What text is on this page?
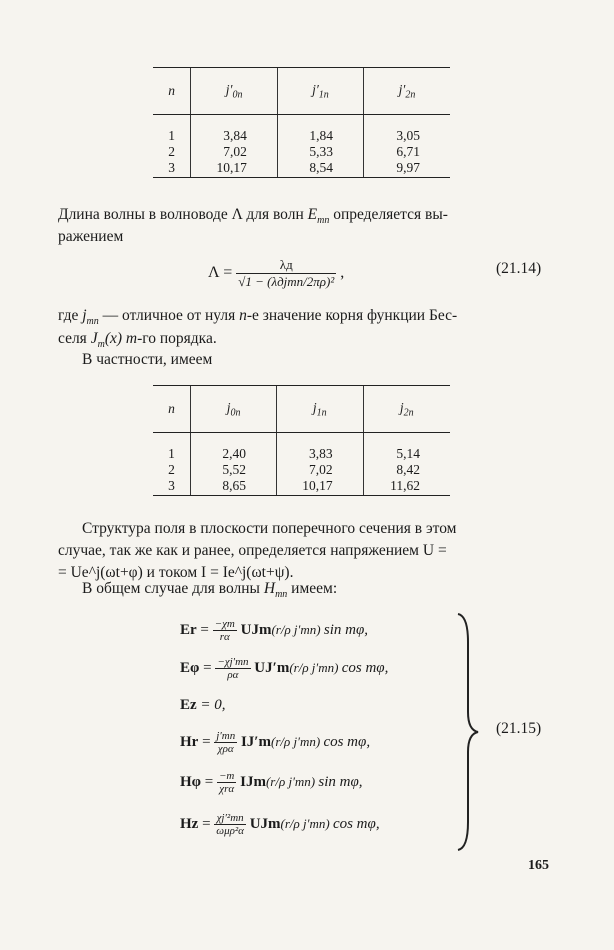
n	$j'_{0n}$	$j'_{1n}$	$j'_{2n}$
1	3,84	1,84	3,05
2	7,02	5,33	6,71
3	10,17	8,54	9,97
Длина волны в волноводе Λ для волн $E_{mn}$ определяется вы-
ражением
$\Lambda = \frac{\lambda д}{\text{√1 − (λдjmn/2πρ)²}}$ ,	(21.14)
где $j_{mn}$ — отличное от нуля n-е значение корня функции Бес-
селя $J_m(x)$ m-го порядка.
В частности, имеем
n	$j_{0n}$	$j_{1n}$	$j_{2n}$
1	2,40	3,83	5,14
2	5,52	7,02	8,42
3	8,65	10,17	11,62
Структура поля в плоскости поперечного сечения в этом
случае, так же как и ранее, определяется напряжением U =
= Ue^j(ωt+φ) и током I = Ie^j(ωt+ψ).
В общем случае для волны $H_{mn}$ имеем:
$Er = \frac{-\chi m}{r\alpha} UJm(r/\rho$ j′mn) sin mφ,
$E\varphi = \frac{-\chi j'mn}{\rho\alpha} UJ'm(r/\rho$ j′mn) cos mφ,
Ez = 0,
$Hr = \frac{j'mn}{\text{χρα}} IJ'm(r/\rho$ j′mn) cos mφ,
$H\varphi = \frac{-m}{\text{χrα}} IJm(r/\rho$ j′mn) sin mφ,
$Hz = \frac{\text{χj′²mn}}{\text{ωμρ²α}} UJm(r/\rho$ j′mn) cos mφ,
(21.15)
165
